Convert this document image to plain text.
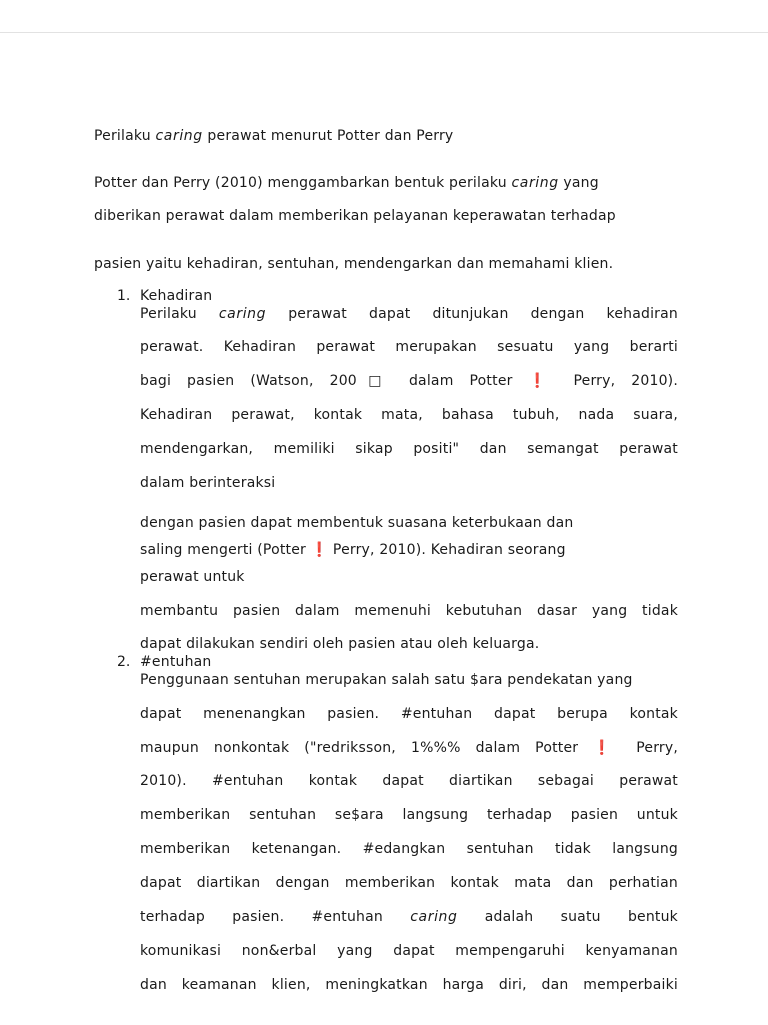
Perilaku caring perawat menurut Potter dan Perry
Potter dan Perry (2010) menggambarkan bentuk perilaku caring yang
diberikan perawat dalam memberikan pelayanan keperawatan terhadap
pasien yaitu kehadiran, sentuhan, mendengarkan dan memahami klien.
1. Kehadiran
Perilaku caring perawat dapat ditunjukan dengan kehadiran
perawat. Kehadiran perawat merupakan sesuatu yang berarti
bagi pasien (Watson, 200□ dalam Potter ❗ Perry, 2010).
Kehadiran perawat, kontak mata, bahasa tubuh, nada suara,
mendengarkan, memiliki sikap positi" dan semangat perawat
dalam berinteraksi
dengan pasien dapat membentuk suasana keterbukaan dan
saling mengerti (Potter ❗ Perry, 2010). Kehadiran seorang
perawat untuk
membantu pasien dalam memenuhi kebutuhan dasar yang tidak
dapat dilakukan sendiri oleh pasien atau oleh keluarga.
2. #entuhan
Penggunaan sentuhan merupakan salah satu $ara pendekatan yang
dapat menenangkan pasien. #entuhan dapat berupa kontak
maupun nonkontak ("redriksson, 1%%% dalam Potter ❗ Perry,
2010). #entuhan kontak dapat diartikan sebagai perawat
memberikan sentuhan se$ara langsung terhadap pasien untuk
memberikan ketenangan. #edangkan sentuhan tidak langsung
dapat diartikan dengan memberikan kontak mata dan perhatian
terhadap pasien. #entuhan caring adalah suatu bentuk
komunikasi non&erbal yang dapat mempengaruhi kenyamanan
dan keamanan klien, meningkatkan harga diri, dan memperbaiki
